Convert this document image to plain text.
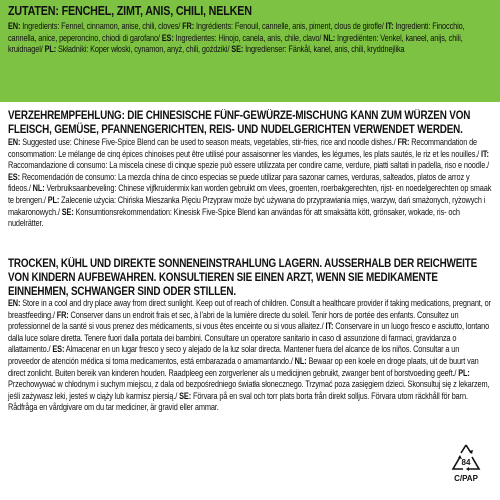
ZUTATEN: FENCHEL, ZIMT, ANIS, CHILI, NELKEN

EN: Ingredients: Fennel, cinnamon, anise, chili, cloves/ FR: Ingrédients: Fenouil, cannelle, anis, piment, clous de girofle/ IT: Ingredienti: Finocchio, cannella, anice, peperoncino, chiodi di garofano/ ES: Ingredientes: Hinojo, canela, anís, chile, clavo/ NL: Ingrediënten: Venkel, kaneel, anijs, chili, kruidnagel/ PL: Składniki: Koper włoski, cynamon, anyż, chili, goździki/ SE: Ingredienser: Fänkål, kanel, anis, chili, kryddnejlika

VERZEHREMPFEHLUNG: DIE CHINESISCHE FÜNF-GEWÜRZE-MISCHUNG KANN ZUM WÜRZEN VON FLEISCH, GEMÜSE, PFANNENGERICHTEN, REIS- UND NUDELGERICHTEN VERWENDET WERDEN.

EN: Suggested use: Chinese Five-Spice Blend can be used to season meats, vegetables, stir-fries, rice and noodle dishes./ FR: Recommandation de consommation: Le mélange de cinq épices chinoises peut être utilisé pour assaisonner les viandes, les légumes, les plats sautés, le riz et les nouilles./ IT: Raccomandazione di consumo: La miscela cinese di cinque spezie può essere utilizzata per condire carne, verdure, piatti saltati in padella, riso e noodle./ ES: Recomendación de consumo: La mezcla china de cinco especias se puede utilizar para sazonar carnes, verduras, salteados, platos de arroz y fideos./ NL: Verbruiksaanbeveling: Chinese vijfkruidenmix kan worden gebruikt om vlees, groenten, roerbakgerechten, rijst- en noedelgerechten op smaak te brengen./ PL: Zalecenie użycia: Chińska Mieszanka Pięciu Przypraw może być używana do przyprawiania mięs, warzyw, dań smażonych, ryżowych i makaronowych./ SE: Konsumtionsrekommendation: Kinesisk Five-Spice Blend kan användas för att smaksätta kött, grönsaker, wokade, ris- och nudelrätter.

TROCKEN, KÜHL UND DIREKTE SONNENEINSTRAHLUNG LAGERN. AUSSERHALB DER REICHWEITE VON KINDERN AUFBEWAHREN. KONSULTIEREN SIE EINEN ARZT, WENN SIE MEDIKAMENTE EINNEHMEN, SCHWANGER SIND ODER STILLEN.

EN: Store in a cool and dry place away from direct sunlight. Keep out of reach of children. Consult a healthcare provider if taking medications, pregnant, or breastfeeding./ FR: Conserver dans un endroit frais et sec, à l'abri de la lumière directe du soleil. Tenir hors de portée des enfants. Consultez un professionnel de la santé si vous prenez des médicaments, si vous êtes enceinte ou si vous allaitez./ IT: Conservare in un luogo fresco e asciutto, lontano dalla luce solare diretta. Tenere fuori dalla portata dei bambini. Consultare un operatore sanitario in caso di assunzione di farmaci, gravidanza o allattamento./ ES: Almacenar en un lugar fresco y seco y alejado de la luz solar directa. Mantener fuera del alcance de los niños. Consultar a un proveedor de atención médica si toma medicamentos, está embarazada o amamantando./ NL: Bewaar op een koele en droge plaats, uit de buurt van direct zonlicht. Buiten bereik van kinderen houden. Raadpleeg een zorgverlener als u medicijnen gebruikt, zwanger bent of borstvoeding geeft./ PL: Przechowywać w chłodnym i suchym miejscu, z dala od bezpośredniego światła słonecznego. Trzymać poza zasięgiem dzieci. Skonsultuj się z lekarzem, jeśli zażywasz leki, jesteś w ciąży lub karmisz piersią./ SE: Förvara på en sval och torr plats borta från direkt solljus. Förvara utom räckhåll för barn. Rådfråga en vårdgivare om du tar mediciner, är gravid eller ammar.

84
C/PAP
